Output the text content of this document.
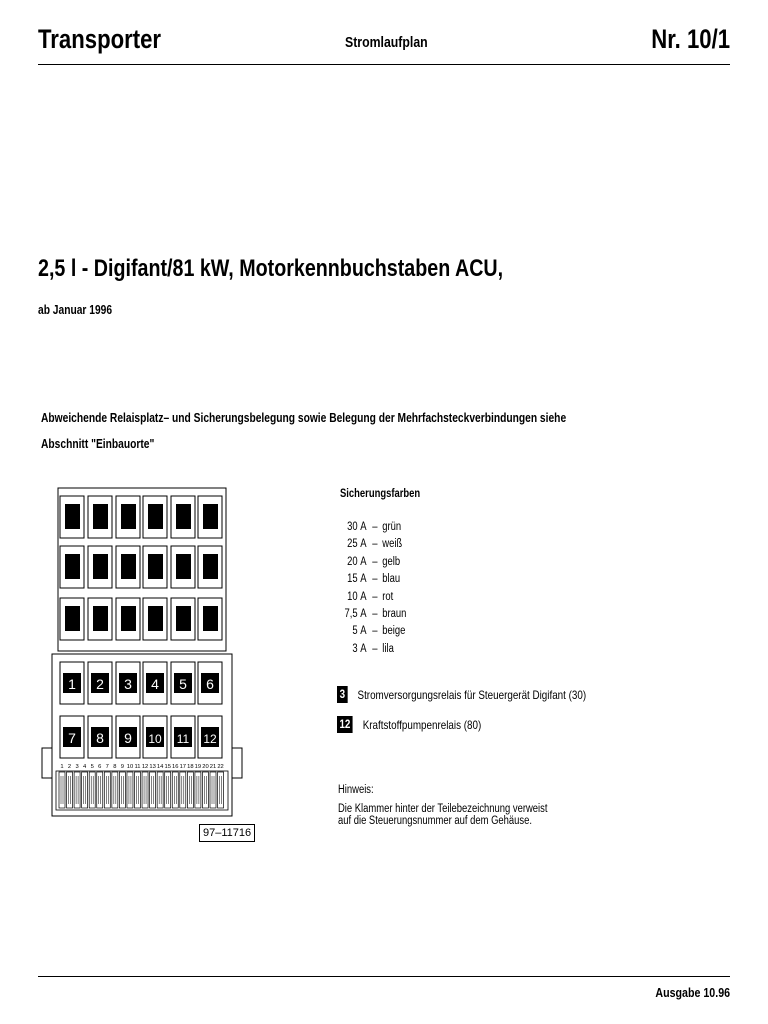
Transporter	Stromlaufplan	Nr. 10/1
2,5 l - Digifant/81 kW, Motorkennbuchstaben ACU,
ab Januar 1996
Abweichende Relaisplatz– und Sicherungsbelegung sowie Belegung der Mehrfachsteckverbindungen siehe
Abschnitt "Einbauorte"
1 2 3 4 5 6
7 8 9 10 11 12
1 2 3 4 5 6 7 8 9 10 11 12 13 14 15 16 17 18 19 20 21 22
97–11716
Sicherungsfarben
30 A – grün
25 A – weiß
20 A – gelb
15 A – blau
10 A – rot
7,5 A – braun
5 A – beige
3 A – lila
3 Stromversorgungsrelais für Steuergerät Digifant (30)
12 Kraftstoffpumpenrelais (80)
Hinweis:
Die Klammer hinter der Teilebezeichnung verweist
auf die Steuerungsnummer auf dem Gehäuse.
Ausgabe 10.96
